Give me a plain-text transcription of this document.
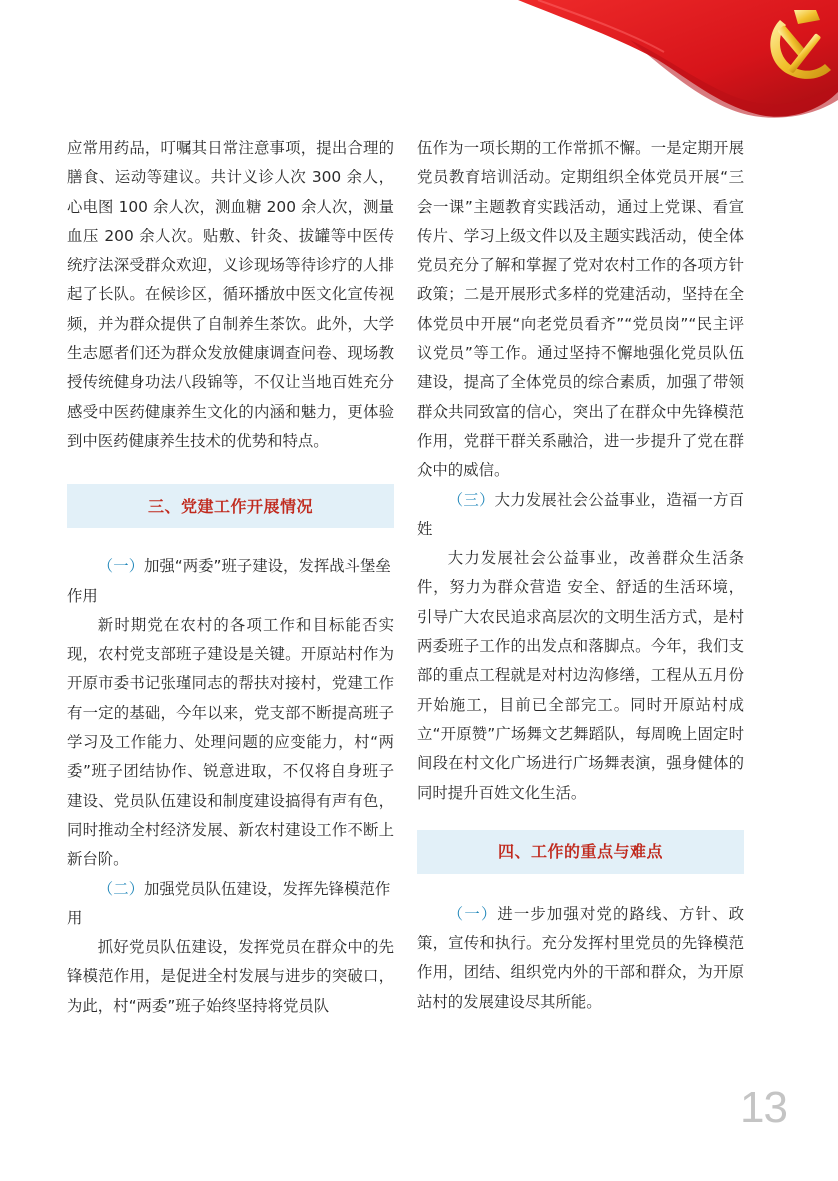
应常用药品，叮嘱其日常注意事项，提出合理的膳食、运动等建议。共计义诊人次 300 余人，心电图 100 余人次，测血糖 200 余人次，测量血压 200 余人次。贴敷、针灸、拔罐等中医传统疗法深受群众欢迎，义诊现场等待诊疗的人排起了长队。在候诊区，循环播放中医文化宣传视频，并为群众提供了自制养生茶饮。此外，大学生志愿者们还为群众发放健康调查问卷、现场教授传统健身功法八段锦等，不仅让当地百姓充分感受中医药健康养生文化的内涵和魅力，更体验到中医药健康养生技术的优势和特点。

三、党建工作开展情况

（一）加强“两委”班子建设，发挥战斗堡垒作用

新时期党在农村的各项工作和目标能否实现，农村党支部班子建设是关键。开原站村作为开原市委书记张瑾同志的帮扶对接村，党建工作有一定的基础，今年以来，党支部不断提高班子学习及工作能力、处理问题的应变能力，村“两委”班子团结协作、锐意进取，不仅将自身班子建设、党员队伍建设和制度建设搞得有声有色，同时推动全村经济发展、新农村建设工作不断上新台阶。

（二）加强党员队伍建设，发挥先锋模范作用

抓好党员队伍建设，发挥党员在群众中的先锋模范作用，是促进全村发展与进步的突破口，为此，村“两委”班子始终坚持将党员队

伍作为一项长期的工作常抓不懈。一是定期开展党员教育培训活动。定期组织全体党员开展“三会一课”主题教育实践活动，通过上党课、看宣传片、学习上级文件以及主题实践活动，使全体党员充分了解和掌握了党对农村工作的各项方针政策；二是开展形式多样的党建活动，坚持在全体党员中开展“向老党员看齐”“党员岗”“民主评议党员”等工作。通过坚持不懈地强化党员队伍建设，提高了全体党员的综合素质，加强了带领群众共同致富的信心，突出了在群众中先锋模范作用，党群干群关系融洽，进一步提升了党在群众中的威信。

（三）大力发展社会公益事业，造福一方百姓

大力发展社会公益事业，改善群众生活条件，努力为群众营造 安全、舒适的生活环境，引导广大农民追求高层次的文明生活方式，是村两委班子工作的出发点和落脚点。今年，我们支部的重点工程就是对村边沟修缮，工程从五月份开始施工，目前已全部完工。同时开原站村成立“开原赞”广场舞文艺舞蹈队，每周晚上固定时间段在村文化广场进行广场舞表演，强身健体的同时提升百姓文化生活。

四、工作的重点与难点

（一）进一步加强对党的路线、方针、政策，宣传和执行。充分发挥村里党员的先锋模范作用，团结、组织党内外的干部和群众，为开原站村的发展建设尽其所能。

13
